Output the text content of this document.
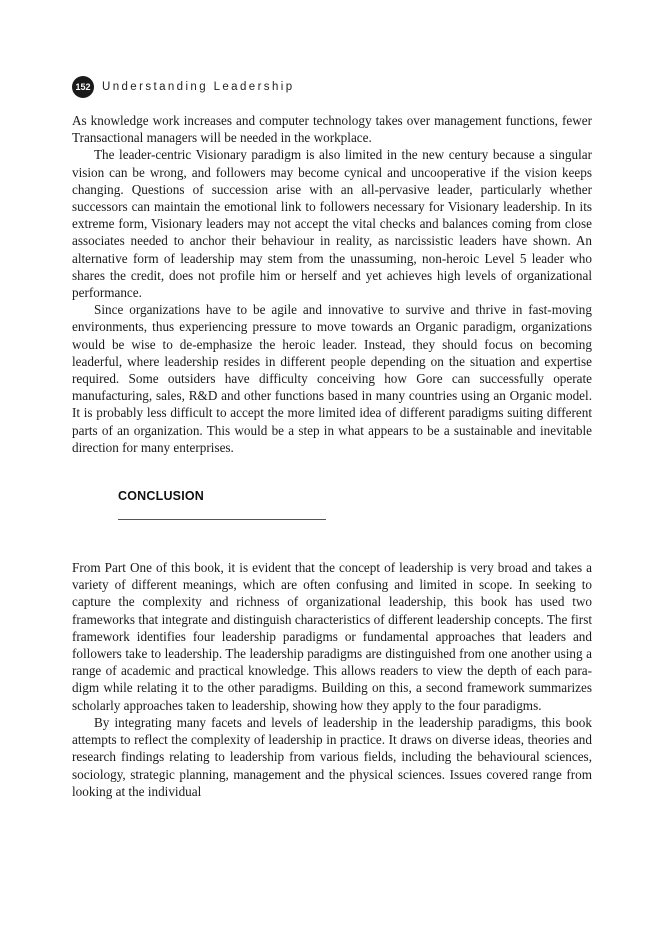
152 Understanding Leadership

As knowledge work increases and computer technology takes over management functions, fewer Transactional managers will be needed in the workplace.

The leader-centric Visionary paradigm is also limited in the new century because a singular vision can be wrong, and followers may become cynical and uncooperative if the vision keeps changing. Questions of succession arise with an all-pervasive leader, particularly whether successors can maintain the emotional link to followers necessary for Visionary leadership. In its extreme form, Visionary leaders may not accept the vital checks and balances coming from close associates needed to anchor their behaviour in reality, as narcissistic leaders have shown. An alternative form of leadership may stem from the unassuming, non-heroic Level 5 leader who shares the credit, does not profile him or herself and yet achieves high levels of organizational performance.

Since organizations have to be agile and innovative to survive and thrive in fast-moving environments, thus experiencing pressure to move towards an Organic paradigm, organizations would be wise to de-emphasize the heroic leader. Instead, they should focus on becoming leaderful, where leadership resides in different people depending on the situation and expertise required. Some outsiders have difficulty conceiving how Gore can successfully operate manufacturing, sales, R&D and other functions based in many countries using an Organic model. It is probably less difficult to accept the more limited idea of different paradigms suiting different parts of an organization. This would be a step in what appears to be a sustainable and inevitable direction for many enterprises.

CONCLUSION

From Part One of this book, it is evident that the concept of leadership is very broad and takes a variety of different meanings, which are often confusing and limited in scope. In seeking to capture the complexity and richness of organizational leadership, this book has used two frameworks that integrate and distinguish characteristics of different leadership concepts. The first framework identifies four leadership paradigms or fundamental approaches that leaders and followers take to leadership. The leadership paradigms are distinguished from one another using a range of academic and practical knowledge. This allows readers to view the depth of each paradigm while relating it to the other paradigms. Building on this, a second framework summarizes scholarly approaches taken to leadership, showing how they apply to the four paradigms.

By integrating many facets and levels of leadership in the leadership paradigms, this book attempts to reflect the complexity of leadership in practice. It draws on diverse ideas, theories and research findings relating to leadership from various fields, including the behavioural sciences, sociology, strategic planning, management and the physical sciences. Issues covered range from looking at the individual
